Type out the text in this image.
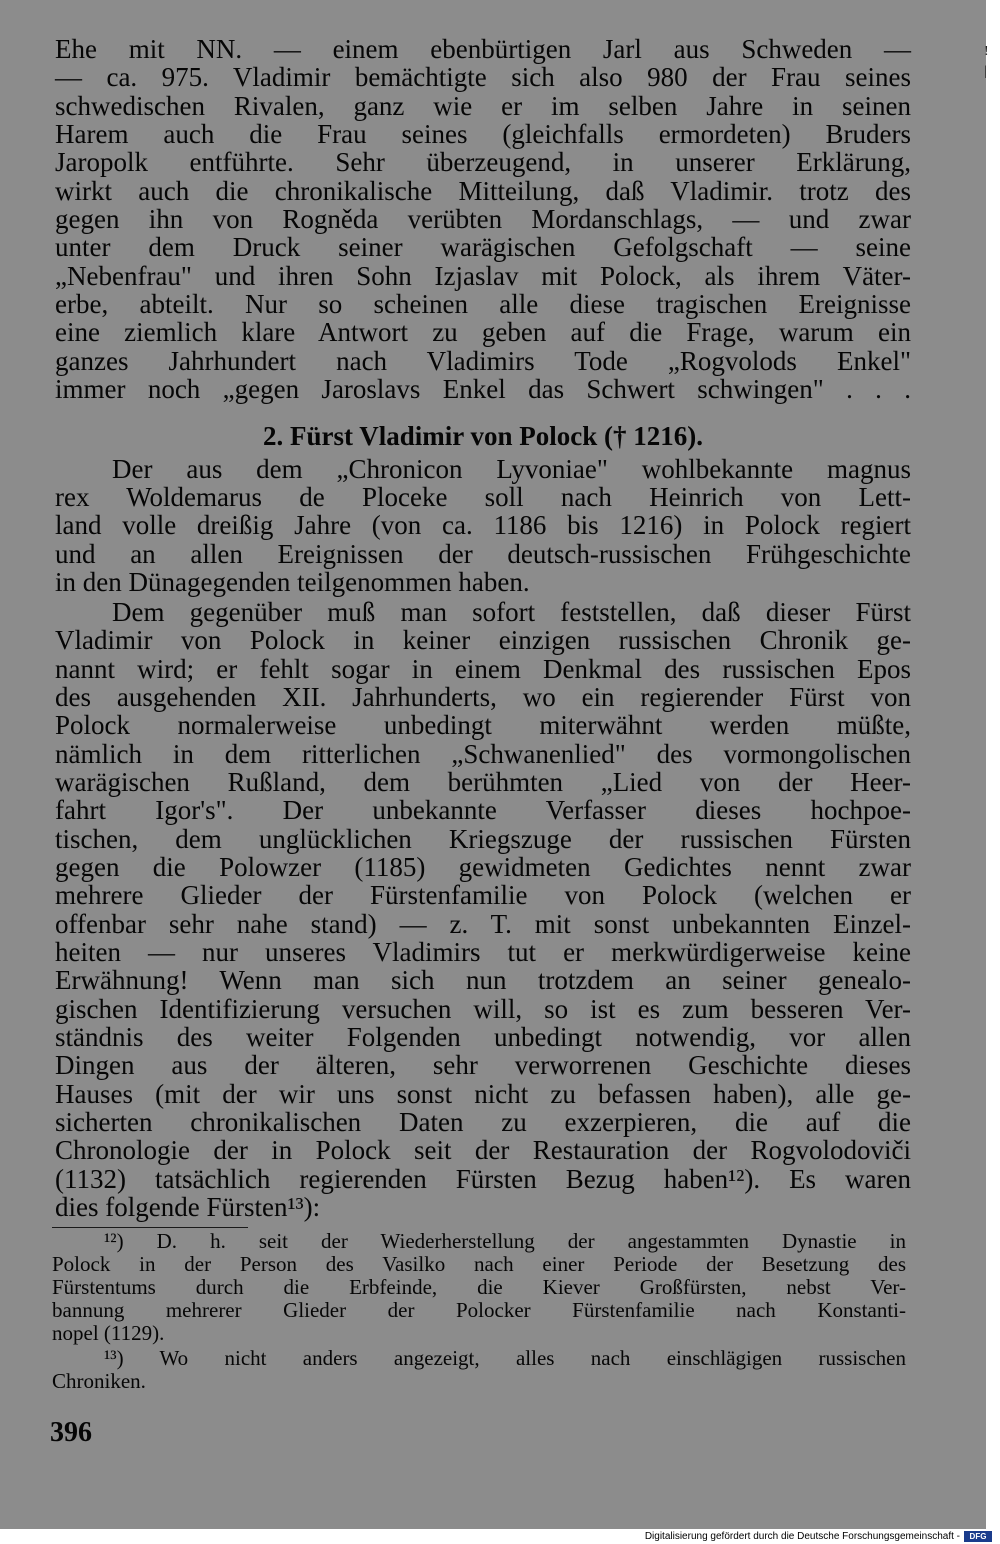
Ehe mit NN. — einem ebenbürtigen Jarl aus Schweden —
— ca. 975. Vladimir bemächtigte sich also 980 der Frau seines
schwedischen Rivalen, ganz wie er im selben Jahre in seinen
Harem auch die Frau seines (gleichfalls ermordeten) Bruders
Jaropolk entführte. Sehr überzeugend, in unserer Erklärung,
wirkt auch die chronikalische Mitteilung, daß Vladimir. trotz des
gegen ihn von Rogněda verübten Mordanschlags, — und zwar
unter dem Druck seiner warägischen Gefolgschaft — seine
„Nebenfrau" und ihren Sohn Izjaslav mit Polock, als ihrem Väter-
erbe, abteilt. Nur so scheinen alle diese tragischen Ereignisse
eine ziemlich klare Antwort zu geben auf die Frage, warum ein
ganzes Jahrhundert nach Vladimirs Tode „Rogvolods Enkel"
immer noch „gegen Jaroslavs Enkel das Schwert schwingen" . . .
2. Fürst Vladimir von Polock († 1216).
Der aus dem „Chronicon Lyvoniae" wohlbekannte magnus
rex Woldemarus de Ploceke soll nach Heinrich von Lett-
land volle dreißig Jahre (von ca. 1186 bis 1216) in Polock regiert
und an allen Ereignissen der deutsch-russischen Frühgeschichte
in den Dünagegenden teilgenommen haben.
Dem gegenüber muß man sofort feststellen, daß dieser Fürst
Vladimir von Polock in keiner einzigen russischen Chronik ge-
nannt wird; er fehlt sogar in einem Denkmal des russischen Epos
des ausgehenden XII. Jahrhunderts, wo ein regierender Fürst von
Polock normalerweise unbedingt miterwähnt werden müßte,
nämlich in dem ritterlichen „Schwanenlied" des vormongolischen
warägischen Rußland, dem berühmten „Lied von der Heer-
fahrt Igor's". Der unbekannte Verfasser dieses hochpoe-
tischen, dem unglücklichen Kriegszuge der russischen Fürsten
gegen die Polowzer (1185) gewidmeten Gedichtes nennt zwar
mehrere Glieder der Fürstenfamilie von Polock (welchen er
offenbar sehr nahe stand) — z. T. mit sonst unbekannten Einzel-
heiten — nur unseres Vladimirs tut er merkwürdigerweise keine
Erwähnung! Wenn man sich nun trotzdem an seiner genealo-
gischen Identifizierung versuchen will, so ist es zum besseren Ver-
ständnis des weiter Folgenden unbedingt notwendig, vor allen
Dingen aus der älteren, sehr verworrenen Geschichte dieses
Hauses (mit der wir uns sonst nicht zu befassen haben), alle ge-
sicherten chronikalischen Daten zu exzerpieren, die auf die
Chronologie der in Polock seit der Restauration der Rogvolodoviči
(1132) tatsächlich regierenden Fürsten Bezug haben¹²). Es waren
dies folgende Fürsten¹³):
¹²) D. h. seit der Wiederherstellung der angestammten Dynastie in
Polock in der Person des Vasilko nach einer Periode der Besetzung des
Fürstentums durch die Erbfeinde, die Kiever Großfürsten, nebst Ver-
bannung mehrerer Glieder der Polocker Fürstenfamilie nach Konstanti-
nopel (1129).
¹³) Wo nicht anders angezeigt, alles nach einschlägigen russischen
Chroniken.
396
!
|
Digitalisierung gefördert durch die Deutsche Forschungsgemeinschaft -	DFG
